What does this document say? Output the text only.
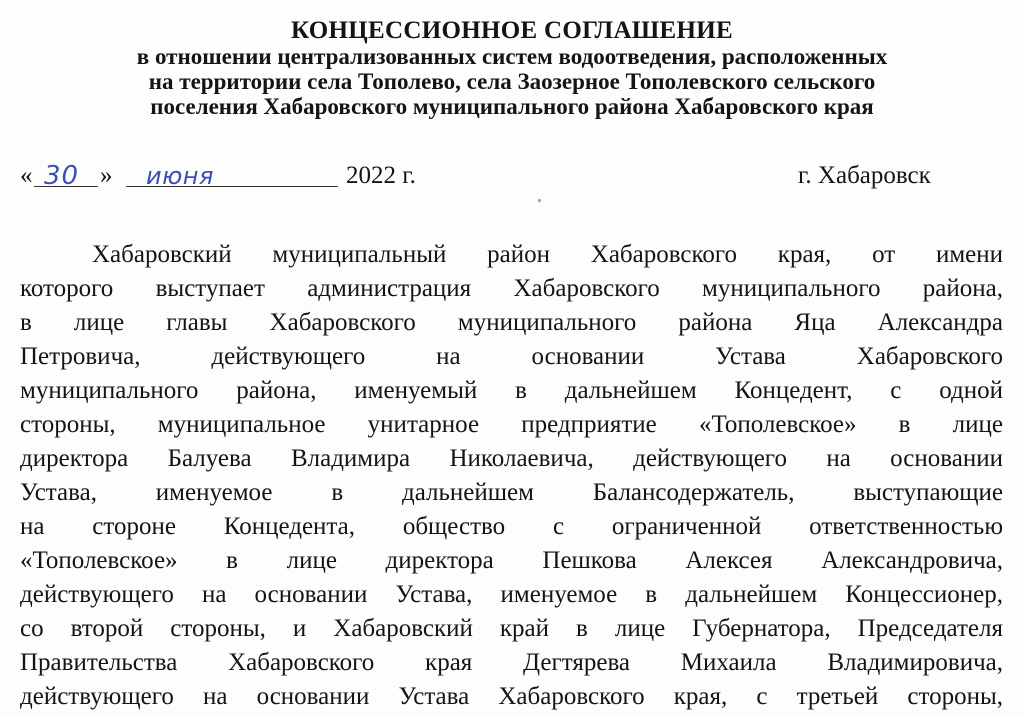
КОНЦЕССИОННОЕ СОГЛАШЕНИЕ
в отношении централизованных систем водоотведения, расположенных
на территории села Тополево, села Заозерное Тополевского сельского
поселения Хабаровского муниципального района Хабаровского края
« 30 » июня	2022 г.	г. Хабаровск
Хабаровский муниципальный район Хабаровского края, от имени
которого выступает администрация Хабаровского муниципального района,
в лице главы Хабаровского муниципального района Яца Александра
Петровича, действующего на основании Устава Хабаровского
муниципального района, именуемый в дальнейшем Концедент, с одной
стороны, муниципальное унитарное предприятие «Тополевское» в лице
директора Балуева Владимира Николаевича, действующего на основании
Устава, именуемое в дальнейшем Балансодержатель, выступающие
на стороне Концедента, общество с ограниченной ответственностью
«Тополевское» в лице директора Пешкова Алексея Александровича,
действующего на основании Устава, именуемое в дальнейшем Концессионер,
со второй стороны, и Хабаровский край в лице Губернатора, Председателя
Правительства Хабаровского края Дегтярева Михаила Владимировича,
действующего на основании Устава Хабаровского края, с третьей стороны,
